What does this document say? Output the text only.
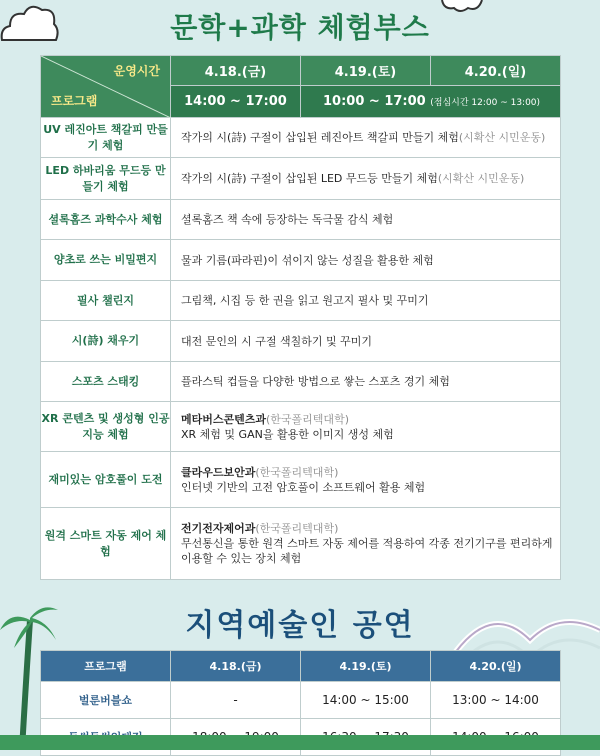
문학+과학 체험부스
운영시간
프로그램	4.18.(금)	4.19.(토)	4.20.(일)
	14:00 ~ 17:00	10:00 ~ 17:00 (점심시간 12:00 ~ 13:00)	
UV 레진아트 책갈피 만들기 체험	작가의 시(詩) 구절이 삽입된 레진아트 책갈피 만들기 체험(시확산 시민운동)		
LED 하바리움 무드등 만들기 체험	작가의 시(詩) 구절이 삽입된 LED 무드등 만들기 체험(시확산 시민운동)		
셜록홈즈 과학수사 체험	셜록홈즈 책 속에 등장하는 독극물 감식 체험		
양초로 쓰는 비밀편지	물과 기름(파라핀)이 섞이지 않는 성질을 활용한 체험		
필사 챌린지	그림책, 시집 등 한 권을 읽고 원고지 필사 및 꾸미기		
시(詩) 채우기	대전 문인의 시 구절 색칠하기 및 꾸미기		
스포츠 스태킹	플라스틱 컵들을 다양한 방법으로 쌓는 스포츠 경기 체험		
XR 콘텐츠 및 생성형 인공지능 체험	메타버스콘텐츠과(한국폴리텍대학)
XR 체험 및 GAN을 활용한 이미지 생성 체험		
재미있는 암호풀이 도전	클라우드보안과(한국폴리텍대학)
인터넷 기반의 고전 암호풀이 소프트웨어 활용 체험		
원격 스마트 자동 제어 체험	전기전자제어과(한국폴리텍대학)
무선통신을 통한 원격 스마트 자동 제어를 적용하여 각종 전기기구를 편리하게 이용할 수 있는 장치 체험		
지역예술인 공연
프로그램	4.18.(금)	4.19.(토)	4.20.(일)
벌룬버블쇼	-	14:00 ~ 15:00	13:00 ~ 14:00
